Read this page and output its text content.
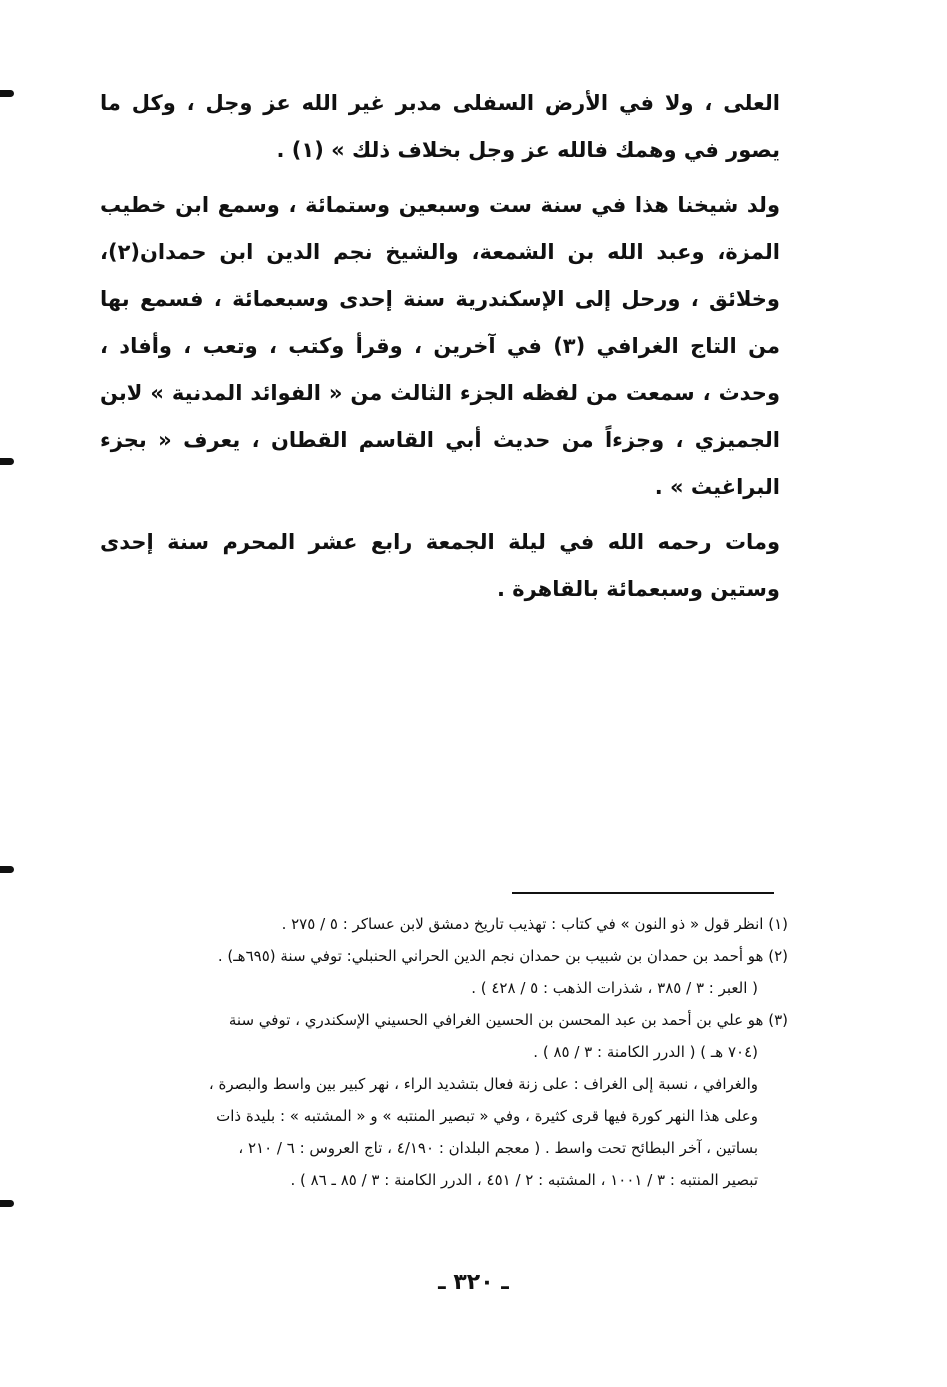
العلى ، ولا في الأرض السفلى مدبر غير الله عز وجل ، وكل ما يصور في وهمك فالله عز وجل بخلاف ذلك » (١) .

ولد شيخنا هذا في سنة ست وسبعين وستمائة ، وسمع ابن خطيب المزة، وعبد الله بن الشمعة، والشيخ نجم الدين ابن حمدان(٢)، وخلائق ، ورحل إلى الإسكندرية سنة إحدى وسبعمائة ، فسمع بها من التاج الغرافي (٣) في آخرين ، وقرأ وكتب ، وتعب ، وأفاد ، وحدث ، سمعت من لفظه الجزء الثالث من « الفوائد المدنية » لابن الجميزي ، وجزءاً من حديث أبي القاسم القطان ، يعرف « بجزء البراغيث » .

ومات رحمه الله في ليلة الجمعة رابع عشر المحرم سنة إحدى وستين وسبعمائة بالقاهرة .

(١) انظر قول « ذو النون » في كتاب : تهذيب تاريخ دمشق لابن عساكر : ٥ / ٢٧٥ .

(٢) هو أحمد بن حمدان بن شبيب بن حمدان نجم الدين الحراني الحنبلي: توفي سنة (٦٩٥هـ) .

( العبر : ٣ / ٣٨٥ ، شذرات الذهب : ٥ / ٤٢٨ ) .

(٣) هو علي بن أحمد بن عبد المحسن بن الحسين الغرافي الحسيني الإسكندري ، توفي سنة

(٧٠٤ هـ ) ( الدرر الكامنة : ٣ / ٨٥ ) .

والغرافي ، نسبة إلى الغراف : على زنة فعال بتشديد الراء ، نهر كبير بين واسط والبصرة ،

وعلى هذا النهر كورة فيها قرى كثيرة ، وفي « تبصير المنتبه » و « المشتبه » : بليدة ذات

بساتين ، آخر البطائح تحت واسط . ( معجم البلدان : ٤/١٩٠ ، تاج العروس : ٦ / ٢١٠ ،

تبصير المنتبه : ٣ / ١٠٠١ ، المشتبه : ٢ / ٤٥١ ، الدرر الكامنة : ٣ / ٨٥ ـ ٨٦ ) .

ـ ٣٢٠ ـ
